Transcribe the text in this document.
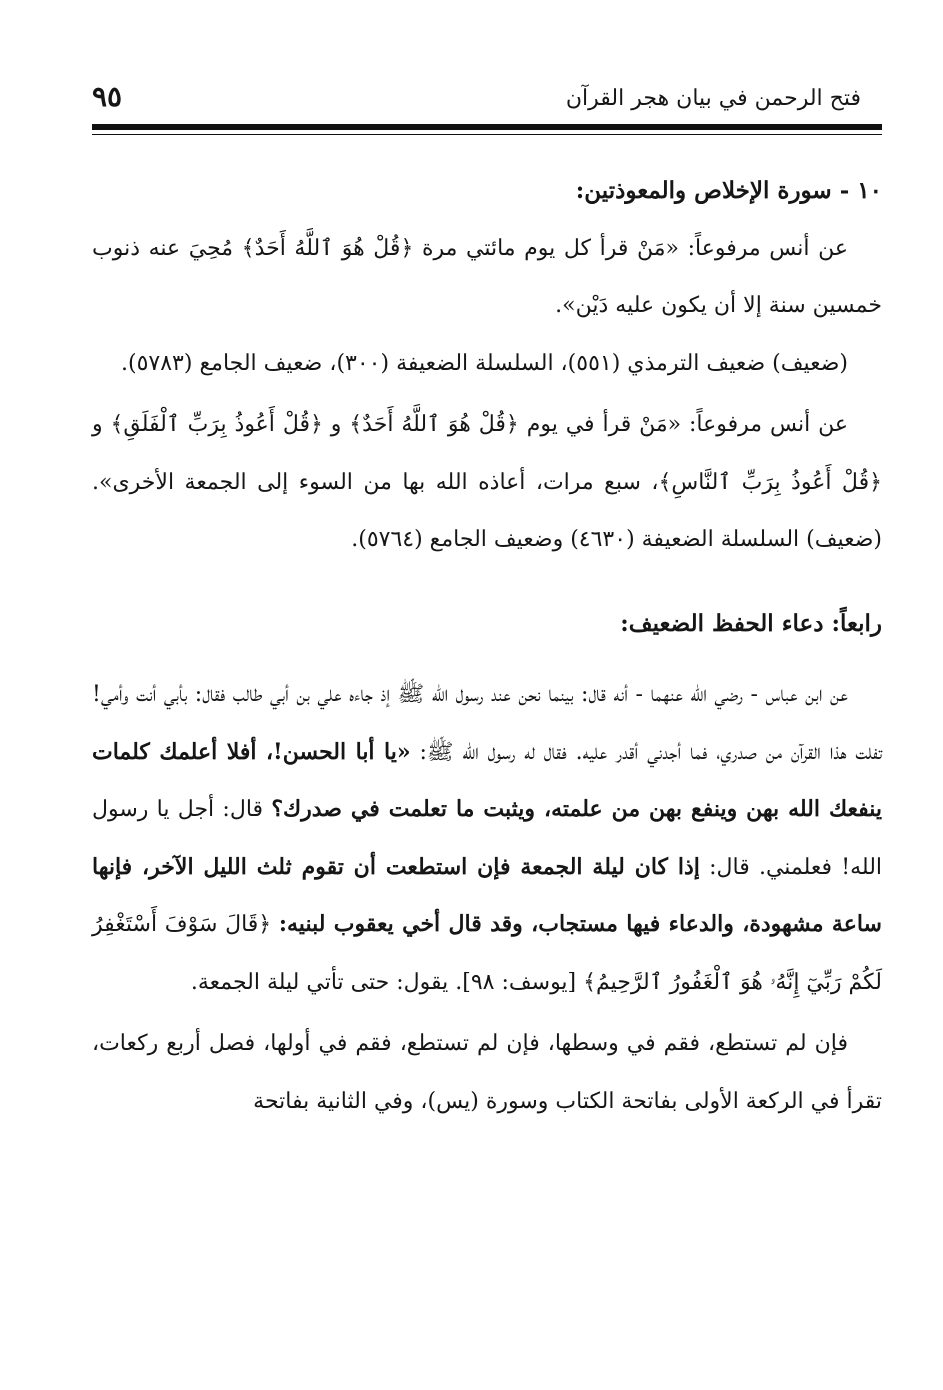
فتح الرحمن في بيان هجر القرآن
٩٥
١٠ - سورة الإخلاص والمعوذتين:

عن أنس مرفوعاً: «مَنْ قرأ كل يوم مائتي مرة ﴿قُلْ هُوَ ٱللَّهُ أَحَدٌ﴾ مُحِيَ عنه ذنوب خمسين سنة إلا أن يكون عليه دَيْن».

(ضعيف) ضعيف الترمذي (٥٥١)، السلسلة الضعيفة (٣٠٠)، ضعيف الجامع (٥٧٨٣).

عن أنس مرفوعاً: «مَنْ قرأ في يوم ﴿قُلْ هُوَ ٱللَّهُ أَحَدٌ﴾ و ﴿قُلْ أَعُوذُ بِرَبِّ ٱلْفَلَقِ﴾ و ﴿قُلْ أَعُوذُ بِرَبِّ ٱلنَّاسِ﴾، سبع مرات، أعاذه الله بها من السوء إلى الجمعة الأخرى». (ضعيف) السلسلة الضعيفة (٤٦٣٠) وضعيف الجامع (٥٧٦٤).

رابعاً: دعاء الحفظ الضعيف:

عن ابن عباس - رضي الله عنهما - أنه قال: بينما نحن عند رسول الله ﷺ إذ جاءه علي بن أبي طالب فقال: بأبي أنت وأمي! تفلت هذا القرآن من صدري، فما أجدني أقدر عليه. فقال له رسول الله ﷺ: «يا أبا الحسن!، أفلا أعلمك كلمات ينفعك الله بهن وينفع بهن من علمته، ويثبت ما تعلمت في صدرك؟ قال: أجل يا رسول الله! فعلمني. قال: إذا كان ليلة الجمعة فإن استطعت أن تقوم ثلث الليل الآخر، فإنها ساعة مشهودة، والدعاء فيها مستجاب، وقد قال أخي يعقوب لبنيه: ﴿قَالَ سَوْفَ أَسْتَغْفِرُ لَكُمْ رَبِّيٓ إِنَّهُۥ هُوَ ٱلْغَفُورُ ٱلرَّحِيمُ﴾ [يوسف: ٩٨]. يقول: حتى تأتي ليلة الجمعة.

فإن لم تستطع، فقم في وسطها، فإن لم تستطع، فقم في أولها، فصل أربع ركعات، تقرأ في الركعة الأولى بفاتحة الكتاب وسورة (يس)، وفي الثانية بفاتحة
